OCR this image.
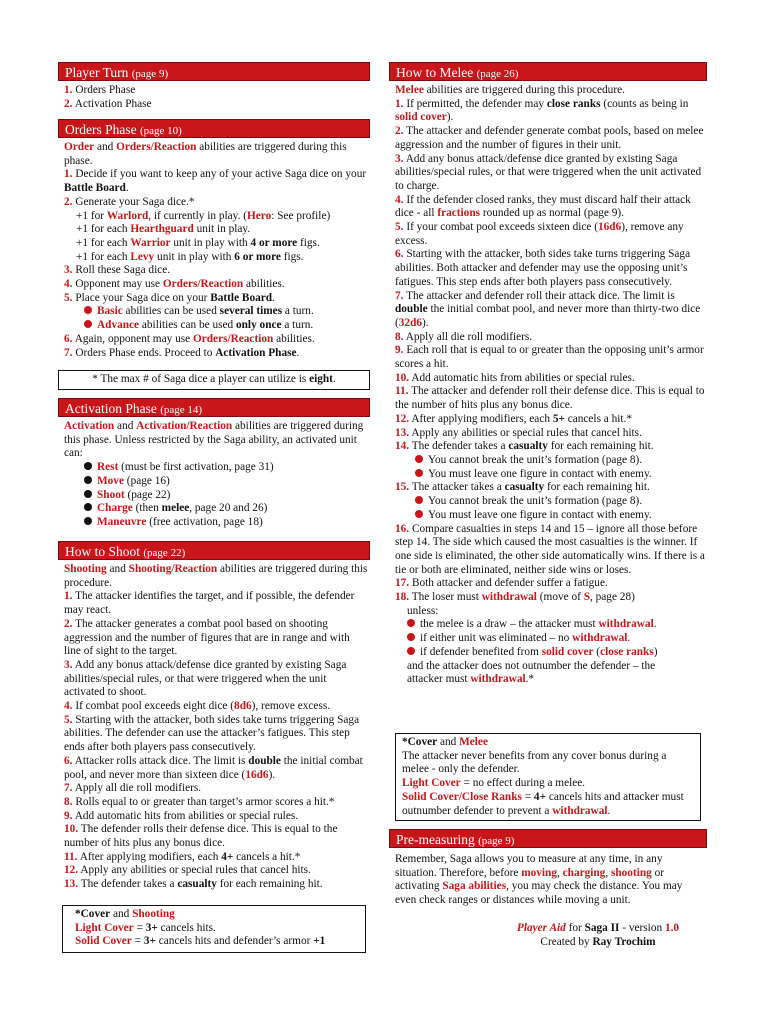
Player Turn (page 9)

1. Orders Phase

2. Activation Phase

Orders Phase (page 10)

Order and Orders/Reaction abilities are triggered during this phase.

1. Decide if you want to keep any of your active Saga dice on your Battle Board.

2. Generate your Saga dice.*

+1 for Warlord, if currently in play. (Hero: See profile)

+1 for each Hearthguard unit in play.

+1 for each Warrior unit in play with 4 or more figs.

+1 for each Levy unit in play with 6 or more figs.

3. Roll these Saga dice.

4. Opponent may use Orders/Reaction abilities.

5. Place your Saga dice on your Battle Board.

Basic abilities can be used several times a turn.

Advance abilities can be used only once a turn.

6. Again, opponent may use Orders/Reaction abilities.

7. Orders Phase ends. Proceed to Activation Phase.

* The max # of Saga dice a player can utilize is eight.
Activation Phase (page 14)

Activation and Activation/Reaction abilities are triggered during this phase. Unless restricted by the Saga ability, an activated unit can:

Rest (must be first activation, page 31)

Move (page 16)

Shoot (page 22)

Charge (then melee, page 20 and 26)

Maneuvre (free activation, page 18)

How to Shoot (page 22)

Shooting and Shooting/Reaction abilities are triggered during this procedure.

1. The attacker identifies the target, and if possible, the defender may react.

2. The attacker generates a combat pool based on shooting aggression and the number of figures that are in range and with line of sight to the target.

3. Add any bonus attack/defense dice granted by existing Saga abilities/special rules, or that were triggered when the unit activated to shoot.

4. If combat pool exceeds eight dice (8d6), remove excess.

5. Starting with the attacker, both sides take turns triggering Saga abilities. The defender can use the attacker’s fatigues. This step ends after both players pass consecutively.

6. Attacker rolls attack dice. The limit is double the initial combat pool, and never more than sixteen dice (16d6).

7. Apply all die roll modifiers.

8. Rolls equal to or greater than target’s armor scores a hit.*

9. Add automatic hits from abilities or special rules.

10. The defender rolls their defense dice. This is equal to the number of hits plus any bonus dice.

11. After applying modifiers, each 4+ cancels a hit.*

12. Apply any abilities or special rules that cancel hits.

13. The defender takes a casualty for each remaining hit.

*Cover and Shooting

Light Cover = 3+ cancels hits.

Solid Cover = 3+ cancels hits and defender’s armor +1

How to Melee (page 26)

Melee abilities are triggered during this procedure.

1. If permitted, the defender may close ranks (counts as being in solid cover).

2. The attacker and defender generate combat pools, based on melee aggression and the number of figures in their unit.

3. Add any bonus attack/defense dice granted by existing Saga abilities/special rules, or that were triggered when the unit activated to charge.

4. If the defender closed ranks, they must discard half their attack dice - all fractions rounded up as normal (page 9).

5. If your combat pool exceeds sixteen dice (16d6), remove any excess.

6. Starting with the attacker, both sides take turns triggering Saga abilities. Both attacker and defender may use the opposing unit’s fatigues. This step ends after both players pass consecutively.

7. The attacker and defender roll their attack dice. The limit is double the initial combat pool, and never more than thirty-two dice (32d6).

8. Apply all die roll modifiers.

9. Each roll that is equal to or greater than the opposing unit’s armor scores a hit.

10. Add automatic hits from abilities or special rules.

11. The attacker and defender roll their defense dice. This is equal to the number of hits plus any bonus dice.

12. After applying modifiers, each 5+ cancels a hit.*

13. Apply any abilities or special rules that cancel hits.

14. The defender takes a casualty for each remaining hit.

You cannot break the unit’s formation (page 8).

You must leave one figure in contact with enemy.

15. The attacker takes a casualty for each remaining hit.

You cannot break the unit’s formation (page 8).

You must leave one figure in contact with enemy.

16. Compare casualties in steps 14 and 15 – ignore all those before step 14. The side which caused the most casualties is the winner. If one side is eliminated, the other side automatically wins. If there is a tie or both are eliminated, neither side wins or loses.

17. Both attacker and defender suffer a fatigue.

18. The loser must withdrawal (move of S, page 28)

unless:

the melee is a draw – the attacker must withdrawal.

if either unit was eliminated – no withdrawal.

if defender benefited from solid cover (close ranks)

and the attacker does not outnumber the defender – the

attacker must withdrawal.*

*Cover and Melee

The attacker never benefits from any cover bonus during a melee - only the defender.

Light Cover = no effect during a melee.

Solid Cover/Close Ranks = 4+ cancels hits and attacker must outnumber defender to prevent a withdrawal.

Pre-measuring (page 9)

Remember, Saga allows you to measure at any time, in any situation. Therefore, before moving, charging, shooting or activating Saga abilities, you may check the distance. You may even check ranges or distances while moving a unit.

Player Aid for Saga II - version 1.0

Created by Ray Trochim
